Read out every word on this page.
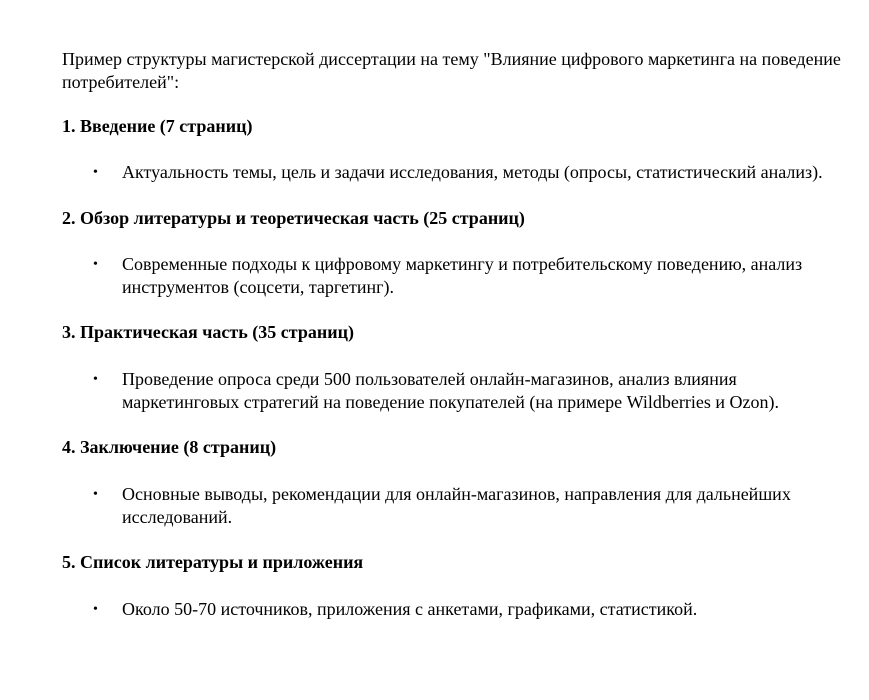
Пример структуры магистерской диссертации на тему "Влияние цифрового маркетинга на поведение потребителей":

1. Введение (7 страниц)

• Актуальность темы, цель и задачи исследования, методы (опросы, статистический анализ).

2. Обзор литературы и теоретическая часть (25 страниц)

• Современные подходы к цифровому маркетингу и потребительскому поведению, анализ инструментов (соцсети, таргетинг).

3. Практическая часть (35 страниц)

• Проведение опроса среди 500 пользователей онлайн-магазинов, анализ влияния маркетинговых стратегий на поведение покупателей (на примере Wildberries и Ozon).

4. Заключение (8 страниц)

• Основные выводы, рекомендации для онлайн-магазинов, направления для дальнейших исследований.

5. Список литературы и приложения

• Около 50-70 источников, приложения с анкетами, графиками, статистикой.
